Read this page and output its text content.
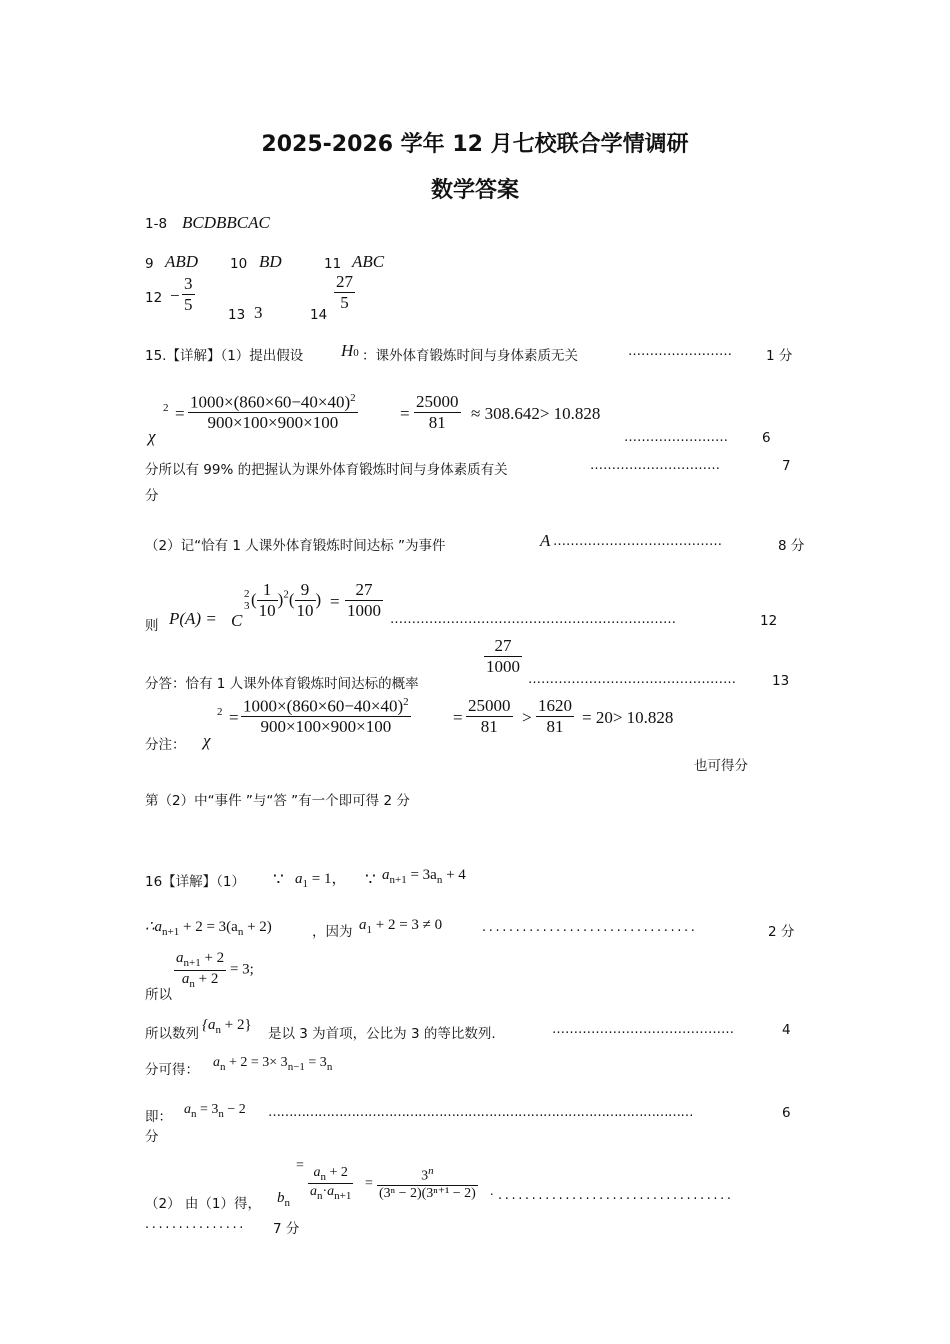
2025-2026 学年 12 月七校联合学情调研
数学答案
1-8 BCDBBCAC
9 ABD 10 BD	11 ABC
$12 - \frac{3}{5}$
13 3	14
$\frac{27}{5}$
15.【详解】（1）提出假设 H0 ：课外体育锻炼时间与身体素质无关	……………………	1 分
χ
$2 = \frac{1000\times(860\times 60-40\times 40)^2}{900\times 100\times 900\times 100} = \frac{25000}{81} \approx 308.642> 10.828$
……………………	6
分所以有 99% 的把握认为课外体育锻炼时间与身体素质有关	…………………………	7
分
（2）记“恰有 1 人课外体育锻炼时间达标 ”为事件	A …………………………………	8 分
则 P(A) = C
2
3 ( $\frac{1}{10} )^2( \frac{9}{10}$ ) = $\frac{27}{1000}$ …………………………………………………………	12
分答：恰有 1 人课外体育锻炼时间达标的概率
$\frac{27}{1000}$
…………………………………………	13
分注： χ
$2 = \frac{1000\times(860\times 60-40\times 40)^2}{900\times 100\times 900\times 100} = \frac{25000}{81} > \frac{1620}{81} = 20> 10.828$
也可得分
第（2）中“事件 ”与“答 ”有一个即可得 2 分
16【详解】（1） ∵ $a_1 = 1$， ∵ $a_{n+1} = 3a_n + 4$
$\therefore a_{n+1} + 2 = 3(a_n + 2)$	，因为 $a_1 + 2 = 3 \ne 0$	................................	2 分
$\frac{a_{n+1} + 2}{a_n + 2} = 3$;
所以
所以数列
$\{a_n + 2\}$
是以 3 为首项，公比为 3 的等比数列.	……………………………………	4
分可得： $a_n + 2 = 3\times 3_{n-1} = 3_n$
即： $a_n = 3_n - 2$ …………………………………………………………………………………………	6
分
（2） 由（1）得， $b_n$
= $\frac{a_n + 2}{a_n\cdot a_{n+1}} = \frac{3^n}{\text{(3ⁿ − 2)(3ⁿ⁺¹ − 2)}}$ . ...................................
............... 7 分
